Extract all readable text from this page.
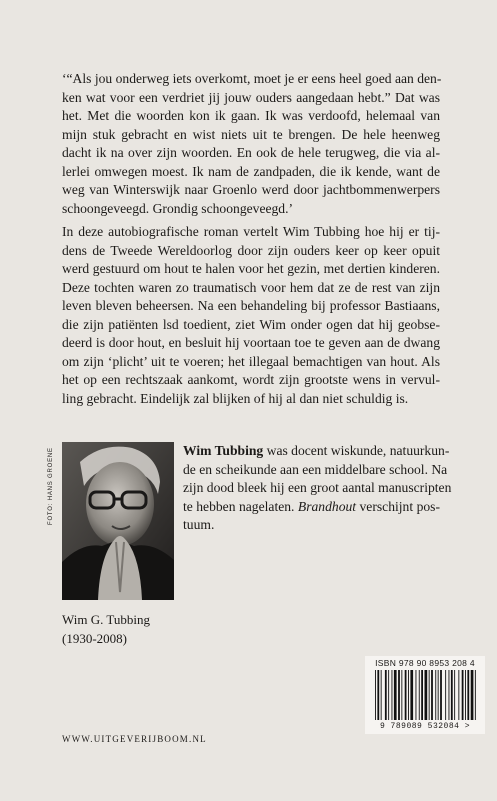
‘“Als jou onderweg iets overkomt, moet je er eens heel goed aan den-
ken wat voor een verdriet jij jouw ouders aangedaan hebt.” Dat was
het. Met die woorden kon ik gaan. Ik was verdoofd, helemaal van
mijn stuk gebracht en wist niets uit te brengen. De hele heenweg
dacht ik na over zijn woorden. En ook de hele terugweg, die via al-
lerlei omwegen moest. Ik nam de zandpaden, die ik kende, want de
weg van Winterswijk naar Groenlo werd door jachtbommenwerpers
schoongeveegd. Grondig schoongeveegd.’
In deze autobiografische roman vertelt Wim Tubbing hoe hij er tij-
dens de Tweede Wereldoorlog door zijn ouders keer op keer opuit
werd gestuurd om hout te halen voor het gezin, met dertien kinderen.
Deze tochten waren zo traumatisch voor hem dat ze de rest van zijn
leven bleven beheersen. Na een behandeling bij professor Bastiaans,
die zijn patiënten lsd toedient, ziet Wim onder ogen dat hij geobse-
deerd is door hout, en besluit hij voortaan toe te geven aan de dwang
om zijn ‘plicht’ uit te voeren; het illegaal bemachtigen van hout. Als
het op een rechtszaak aankomt, wordt zijn grootste wens in vervul-
ling gebracht. Eindelijk zal blijken of hij al dan niet schuldig is.
FOTO: HANS GROENE
Wim G. Tubbing
(1930-2008)
Wim Tubbing was docent wiskunde, natuurkun-
de en scheikunde aan een middelbare school. Na
zijn dood bleek hij een groot aantal manuscripten
te hebben nagelaten. Brandhout verschijnt pos-
tuum.
WWW.UITGEVERIJBOOM.NL
ISBN 978 90 8953 208 4
9 789089 532084 >
